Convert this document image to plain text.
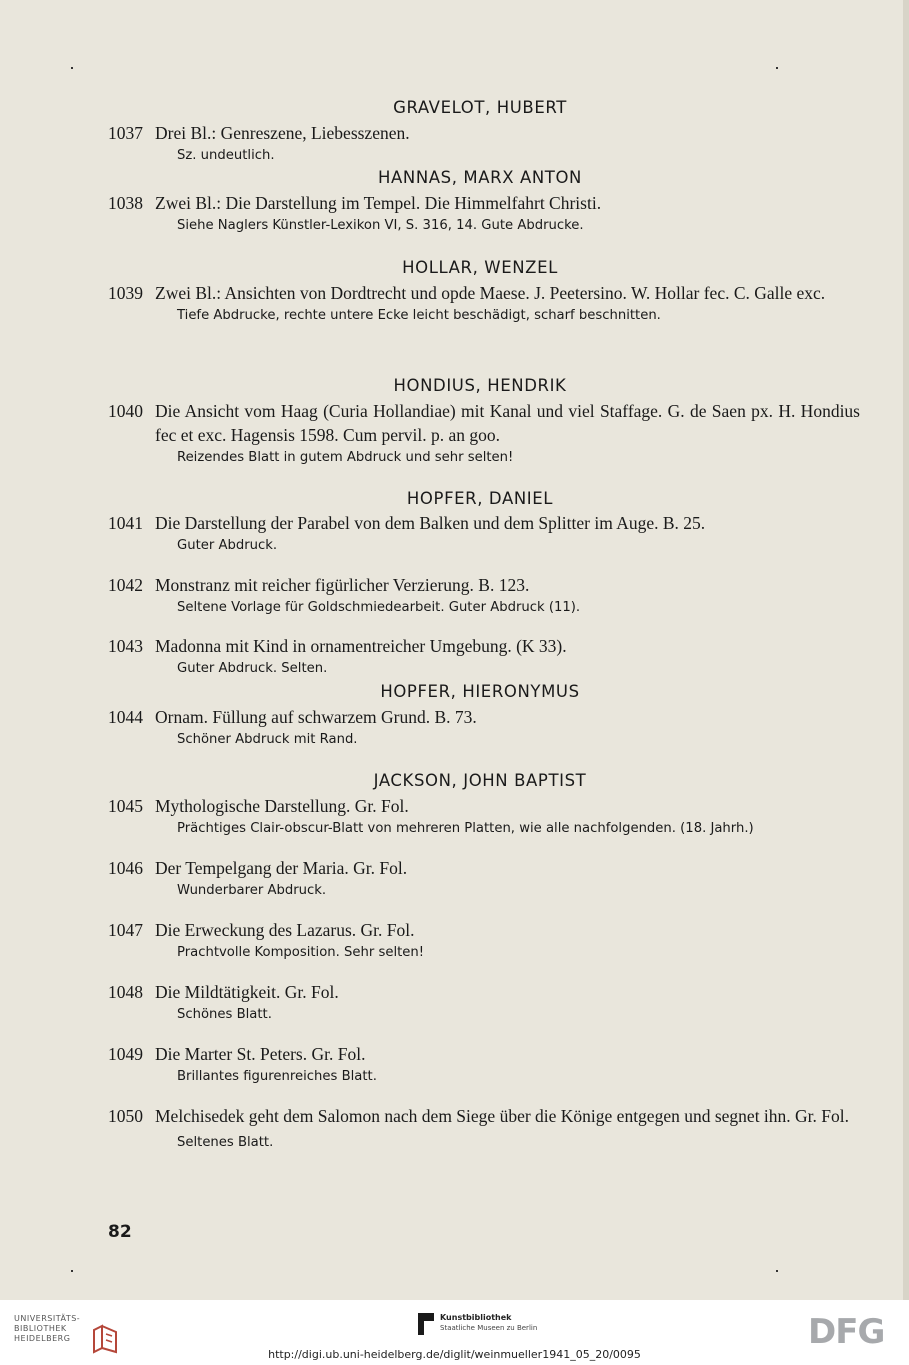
GRAVELOT, HUBERT
1037 Drei Bl.: Genreszene, Liebesszenen.
Sz. undeutlich.
HANNAS, MARX ANTON
1038 Zwei Bl.: Die Darstellung im Tempel. Die Himmelfahrt Christi.
Siehe Naglers Künstler-Lexikon VI, S. 316, 14. Gute Abdrucke.
HOLLAR, WENZEL
1039 Zwei Bl.: Ansichten von Dordtrecht und opde Maese. J. Peetersino. W. Hollar fec. C. Galle exc.
Tiefe Abdrucke, rechte untere Ecke leicht beschädigt, scharf beschnitten.
HONDIUS, HENDRIK
1040 Die Ansicht vom Haag (Curia Hollandiae) mit Kanal und viel Staffage. G. de Saen px. H. Hondius fec et exc. Hagensis 1598. Cum pervil. p. an goo.
Reizendes Blatt in gutem Abdruck und sehr selten!
HOPFER, DANIEL
1041 Die Darstellung der Parabel von dem Balken und dem Splitter im Auge. B. 25.
Guter Abdruck.
1042 Monstranz mit reicher figürlicher Verzierung. B. 123.
Seltene Vorlage für Goldschmiedearbeit. Guter Abdruck (11).
1043 Madonna mit Kind in ornamentreicher Umgebung. (K 33).
Guter Abdruck. Selten.
HOPFER, HIERONYMUS
1044 Ornam. Füllung auf schwarzem Grund. B. 73.
Schöner Abdruck mit Rand.
JACKSON, JOHN BAPTIST
1045 Mythologische Darstellung. Gr. Fol.
Prächtiges Clair-obscur-Blatt von mehreren Platten, wie alle nachfolgenden. (18. Jahrh.)
1046 Der Tempelgang der Maria. Gr. Fol.
Wunderbarer Abdruck.
1047 Die Erweckung des Lazarus. Gr. Fol.
Prachtvolle Komposition. Sehr selten!
1048 Die Mildtätigkeit. Gr. Fol.
Schönes Blatt.
1049 Die Marter St. Peters. Gr. Fol.
Brillantes figurenreiches Blatt.
1050 Melchisedek geht dem Salomon nach dem Siege über die Könige entgegen und segnet ihn. Gr. Fol.
Seltenes Blatt.
82
UNIVERSITÄTS-
BIBLIOTHEK
HEIDELBERG
Kunstbibliothek
Staatliche Museen zu Berlin	DFG
http://digi.ub.uni-heidelberg.de/diglit/weinmueller1941_05_20/0095
